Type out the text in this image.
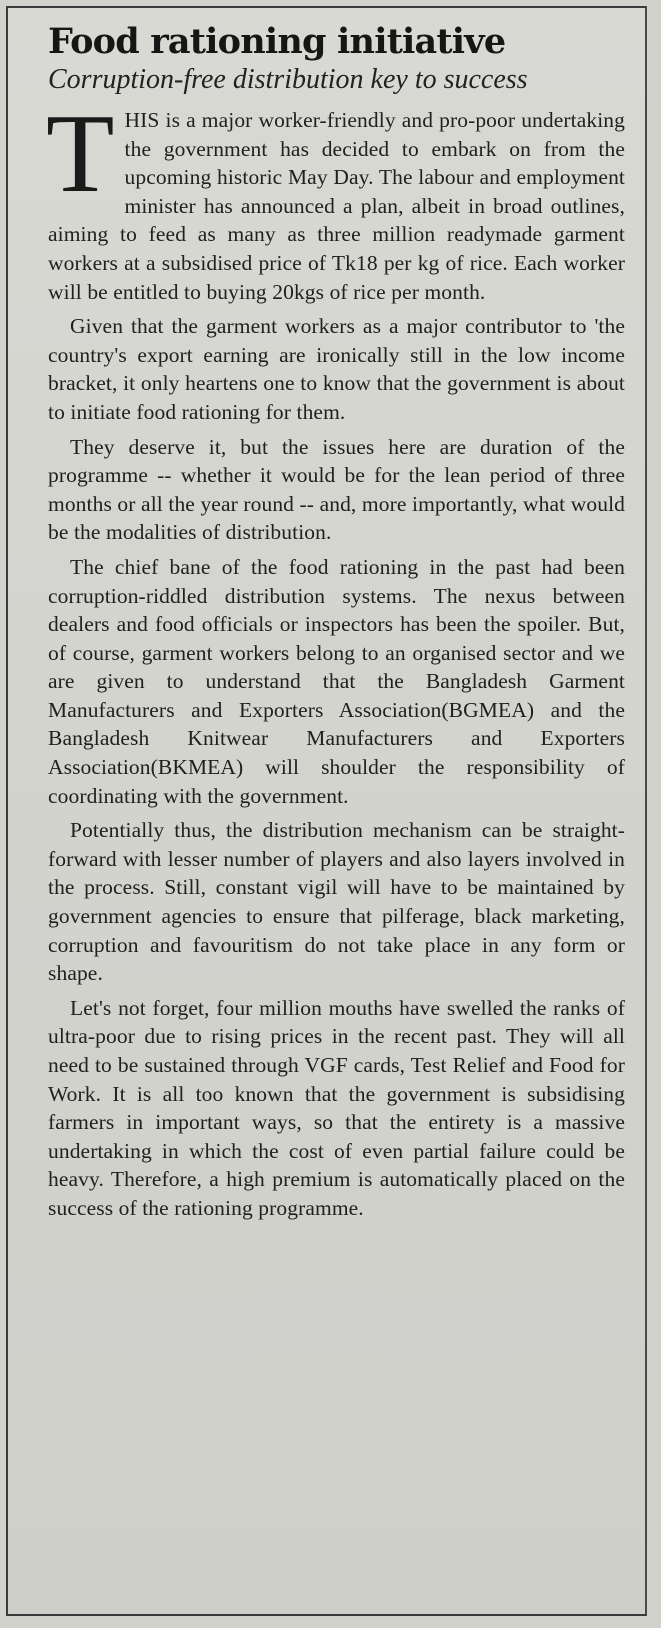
Food rationing initiative
Corruption-free distribution key to success

THIS is a major worker-friendly and pro-poor undertaking the government has decided to embark on from the upcoming historic May Day. The labour and employment minister has announced a plan, albeit in broad outlines, aiming to feed as many as three million readymade garment workers at a subsidised price of Tk18 per kg of rice. Each worker will be entitled to buying 20kgs of rice per month.

Given that the garment workers as a major contributor to 'the country's export earning are ironically still in the low income bracket, it only heartens one to know that the government is about to initiate food rationing for them.

They deserve it, but the issues here are duration of the programme -- whether it would be for the lean period of three months or all the year round -- and, more importantly, what would be the modalities of distribution.

The chief bane of the food rationing in the past had been corruption-riddled distribution systems. The nexus between dealers and food officials or inspectors has been the spoiler. But, of course, garment workers belong to an organised sector and we are given to understand that the Bangladesh Garment Manufacturers and Exporters Association(BGMEA) and the Bangladesh Knitwear Manufacturers and Exporters Association(BKMEA) will shoulder the responsibility of coordinating with the government.

Potentially thus, the distribution mechanism can be straight-forward with lesser number of players and also layers involved in the process. Still, constant vigil will have to be maintained by government agencies to ensure that pilferage, black marketing, corruption and favouritism do not take place in any form or shape.

Let's not forget, four million mouths have swelled the ranks of ultra-poor due to rising prices in the recent past. They will all need to be sustained through VGF cards, Test Relief and Food for Work. It is all too known that the government is subsidising farmers in important ways, so that the entirety is a massive undertaking in which the cost of even partial failure could be heavy. Therefore, a high premium is automatically placed on the success of the rationing programme.
